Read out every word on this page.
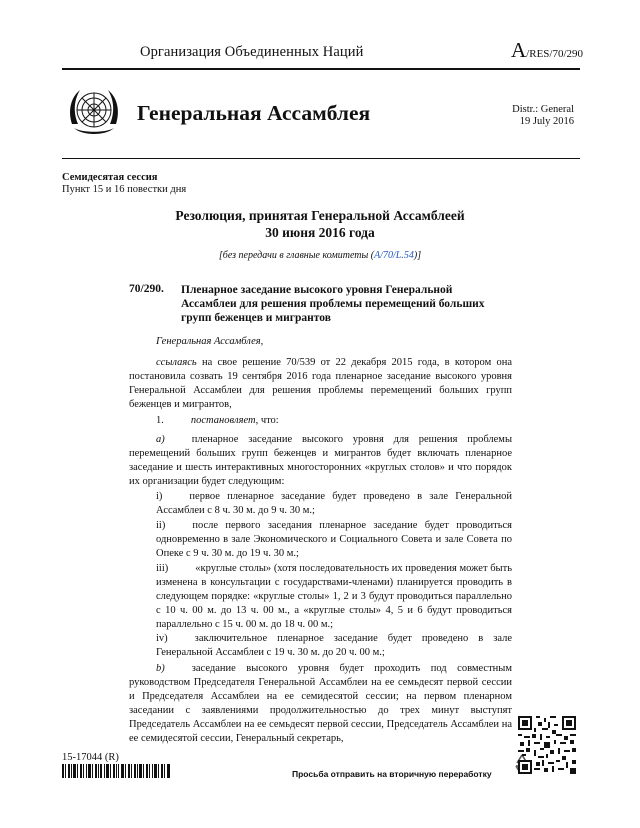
Организация Объединенных Наций	A/RES/70/290
Генеральная Ассамблея	Distr.: General
19 July 2016
Семидесятая сессия
Пункт 15 и 16 повестки дня
Резолюция, принятая Генеральной Ассамблеей
30 июня 2016 года
[без передачи в главные комитеты (A/70/L.54)]
70/290. Пленарное заседание высокого уровня Генеральной Ассамблеи для решения проблемы перемещений больших групп беженцев и мигрантов
Генеральная Ассамблея,
ссылаясь на свое решение 70/539 от 22 декабря 2015 года, в котором она постановила созвать 19 сентября 2016 года пленарное заседание высокого уровня Генеральной Ассамблеи для решения проблемы перемещений больших групп беженцев и мигрантов,
1.	постановляет, что:
a)	пленарное заседание высокого уровня для решения проблемы перемещений больших групп беженцев и мигрантов будет включать пленарное заседание и шесть интерактивных многосторонних «круглых столов» и что порядок их организации будет следующим:
i)	первое пленарное заседание будет проведено в зале Генеральной Ассамблеи с 8 ч. 30 м. до 9 ч. 30 м.;
ii)	после первого заседания пленарное заседание будет проводиться одновременно в зале Экономического и Социального Совета и зале Совета по Опеке с 9 ч. 30 м. до 19 ч. 30 м.;
iii)	«круглые столы» (хотя последовательность их проведения может быть изменена в консультации с государствами-членами) планируется проводить в следующем порядке: «круглые столы» 1, 2 и 3 будут проводиться параллельно с 10 ч. 00 м. до 13 ч. 00 м., а «круглые столы» 4, 5 и 6 будут проводиться параллельно с 15 ч. 00 м. до 18 ч. 00 м.;
iv)	заключительное пленарное заседание будет проведено в зале Генеральной Ассамблеи с 19 ч. 30 м. до 20 ч. 00 м.;
b)	заседание высокого уровня будет проходить под совместным руководством Председателя Генеральной Ассамблеи на ее семьдесят первой сессии и Председателя Ассамблеи на ее семидесятой сессии; на первом пленарном заседании с заявлениями продолжительностью до трех минут выступят Председатель Ассамблеи на ее семьдесят первой сессии, Председатель Ассамблеи на ее семидесятой сессии, Генеральный секретарь,
15-17044 (R)
Просьба отправить на вторичную переработку
